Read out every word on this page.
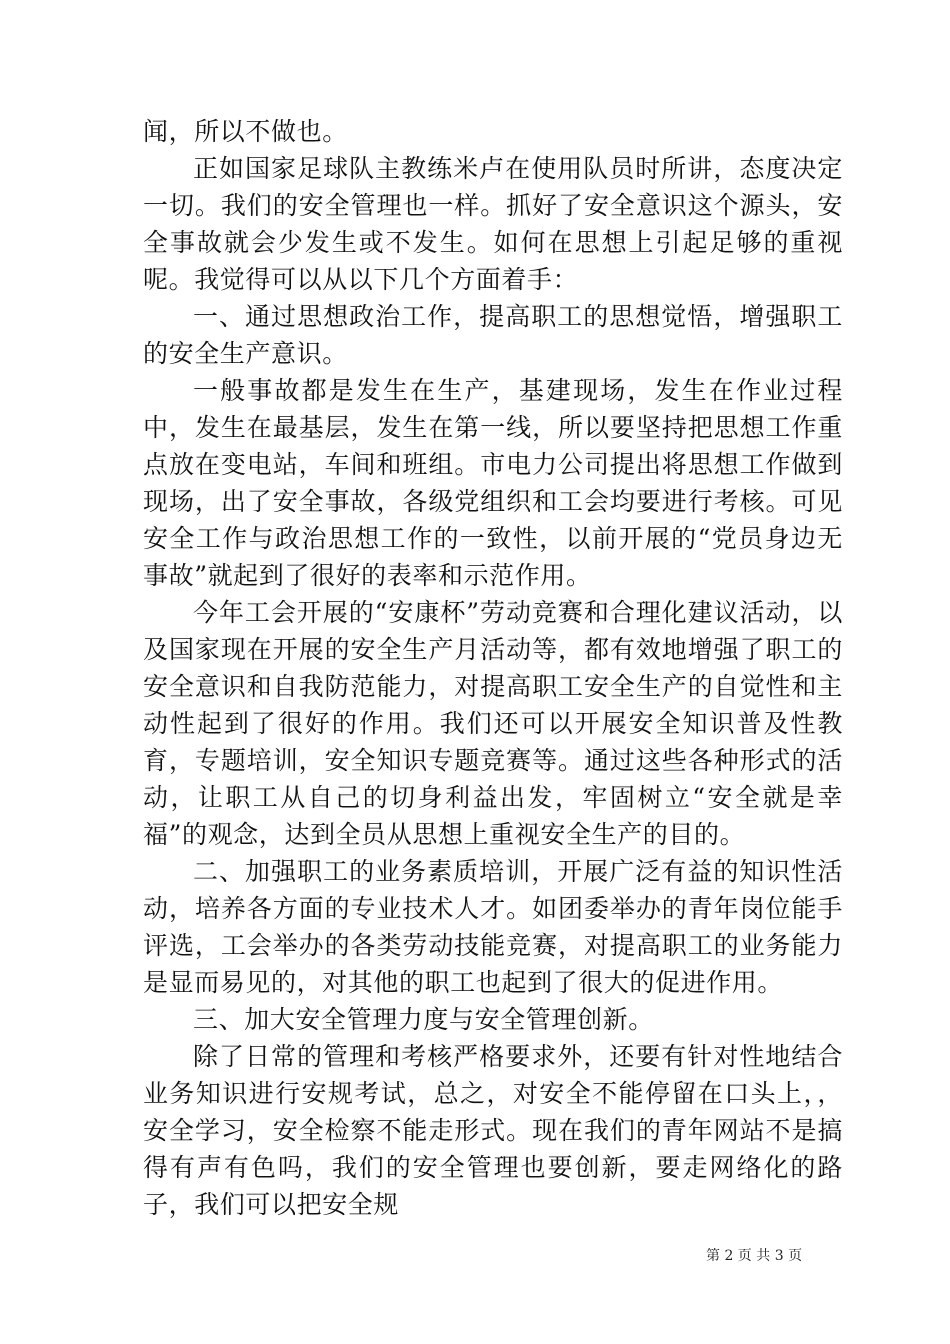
闻，所以不做也。

正如国家足球队主教练米卢在使用队员时所讲，态度决定一切。我们的安全管理也一样。抓好了安全意识这个源头，安全事故就会少发生或不发生。如何在思想上引起足够的重视呢。我觉得可以从以下几个方面着手：

一、通过思想政治工作，提高职工的思想觉悟，增强职工的安全生产意识。

一般事故都是发生在生产，基建现场，发生在作业过程中，发生在最基层，发生在第一线，所以要坚持把思想工作重点放在变电站，车间和班组。市电力公司提出将思想工作做到现场，出了安全事故，各级党组织和工会均要进行考核。可见安全工作与政治思想工作的一致性，以前开展的“党员身边无事故”就起到了很好的表率和示范作用。

今年工会开展的“安康杯”劳动竞赛和合理化建议活动，以及国家现在开展的安全生产月活动等，都有效地增强了职工的安全意识和自我防范能力，对提高职工安全生产的自觉性和主动性起到了很好的作用。我们还可以开展安全知识普及性教育，专题培训，安全知识专题竞赛等。通过这些各种形式的活动，让职工从自己的切身利益出发，牢固树立“安全就是幸福”的观念，达到全员从思想上重视安全生产的目的。

二、加强职工的业务素质培训，开展广泛有益的知识性活动，培养各方面的专业技术人才。如团委举办的青年岗位能手评选，工会举办的各类劳动技能竞赛，对提高职工的业务能力是显而易见的，对其他的职工也起到了很大的促进作用。

三、加大安全管理力度与安全管理创新。

除了日常的管理和考核严格要求外，还要有针对性地结合业务知识进行安规考试，总之，对安全不能停留在口头上，，安全学习，安全检察不能走形式。现在我们的青年网站不是搞得有声有色吗，我们的安全管理也要创新，要走网络化的路子，我们可以把安全规

第 2 页 共 3 页
